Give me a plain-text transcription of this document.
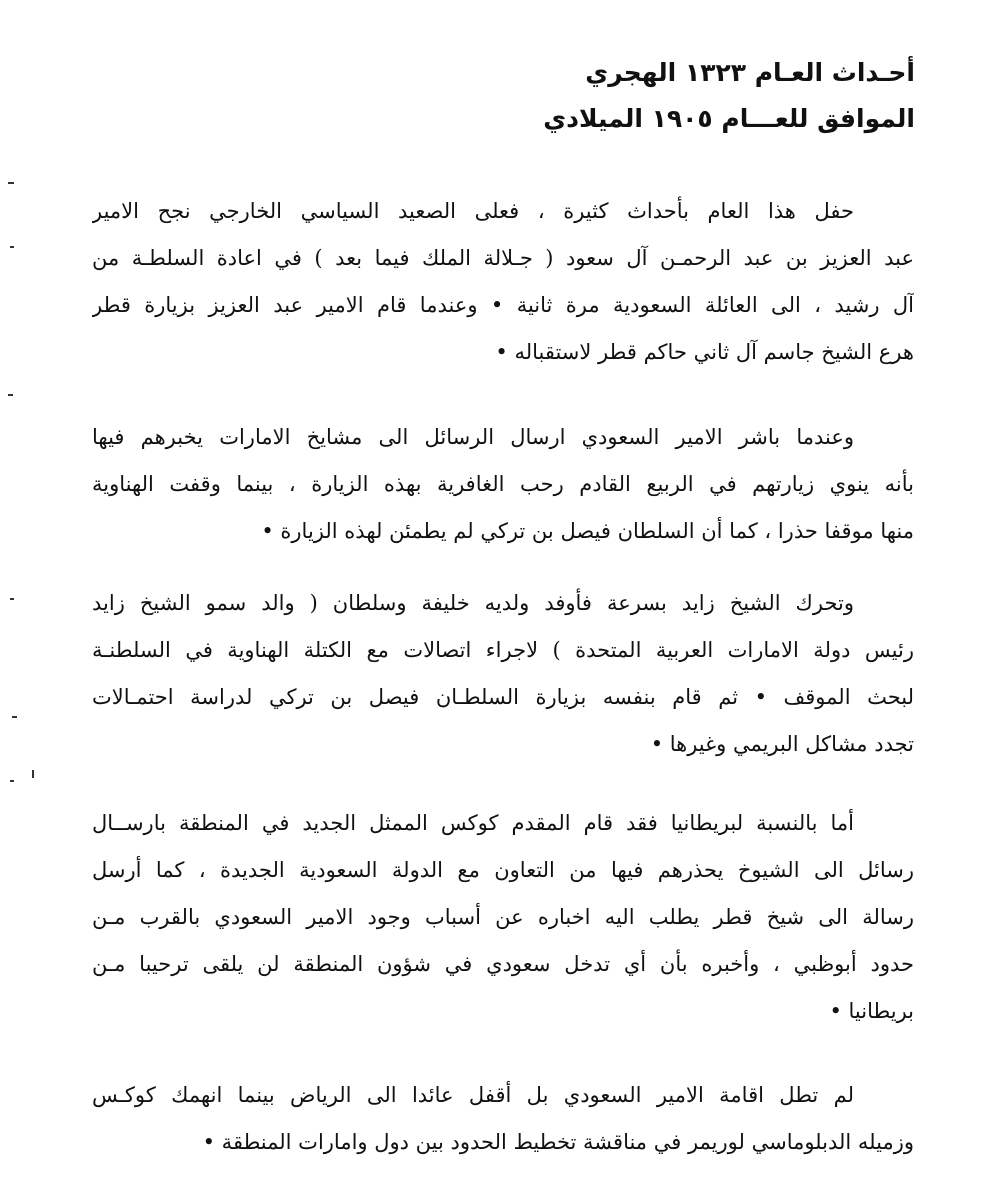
أحـداث العـام ١٣٢٣ الهجري
الموافق للعـــام ١٩٠٥ الميلادي
حفل هذا العام بأحداث كثيرة ، فعلى الصعيد السياسي الخارجي نجح الامير
عبد العزيز بن عبد الرحمـن آل سعود ( جـلالة الملك فيما بعد ) في اعادة السلطـة من
آل رشيد ، الى العائلة السعودية مرة ثانية • وعندما قام الامير عبد العزيز بزيارة قطر
هرع الشيخ جاسم آل ثاني حاكم قطر لاستقباله •
وعندما باشر الامير السعودي ارسال الرسائل الى مشايخ الامارات يخبرهم فيها
بأنه ينوي زيارتهم في الربيع القادم رحب الغافرية بهذه الزيارة ، بينما وقفت الهناوية
منها موقفا حذرا ، كما أن السلطان فيصل بن تركي لم يطمئن لهذه الزيارة •
وتحرك الشيخ زايد بسرعة فأوفد ولديه خليفة وسلطان ( والد سمو الشيخ زايد
رئيس دولة الامارات العربية المتحدة ) لاجراء اتصالات مع الكتلة الهناوية في السلطنـة
لبحث الموقف • ثم قام بنفسه بزيارة السلطـان فيصل بن تركي لدراسة احتمـالات
تجدد مشاكل البريمي وغيرها •
أما بالنسبة لبريطانيا فقد قام المقدم كوكس الممثل الجديد في المنطقة بارســال
رسائل الى الشيوخ يحذرهم فيها من التعاون مع الدولة السعودية الجديدة ، كما أرسل
رسالة الى شيخ قطر يطلب اليه اخباره عن أسباب وجود الامير السعودي بالقرب مـن
حدود أبوظبي ، وأخبره بأن أي تدخل سعودي في شؤون المنطقة لن يلقى ترحيبا مـن
بريطانيا •
لم تطل اقامة الامير السعودي بل أقفل عائدا الى الرياض بينما انهمك كوكـس
وزميله الدبلوماسي لوريمر في مناقشة تخطيط الحدود بين دول وامارات المنطقة •
